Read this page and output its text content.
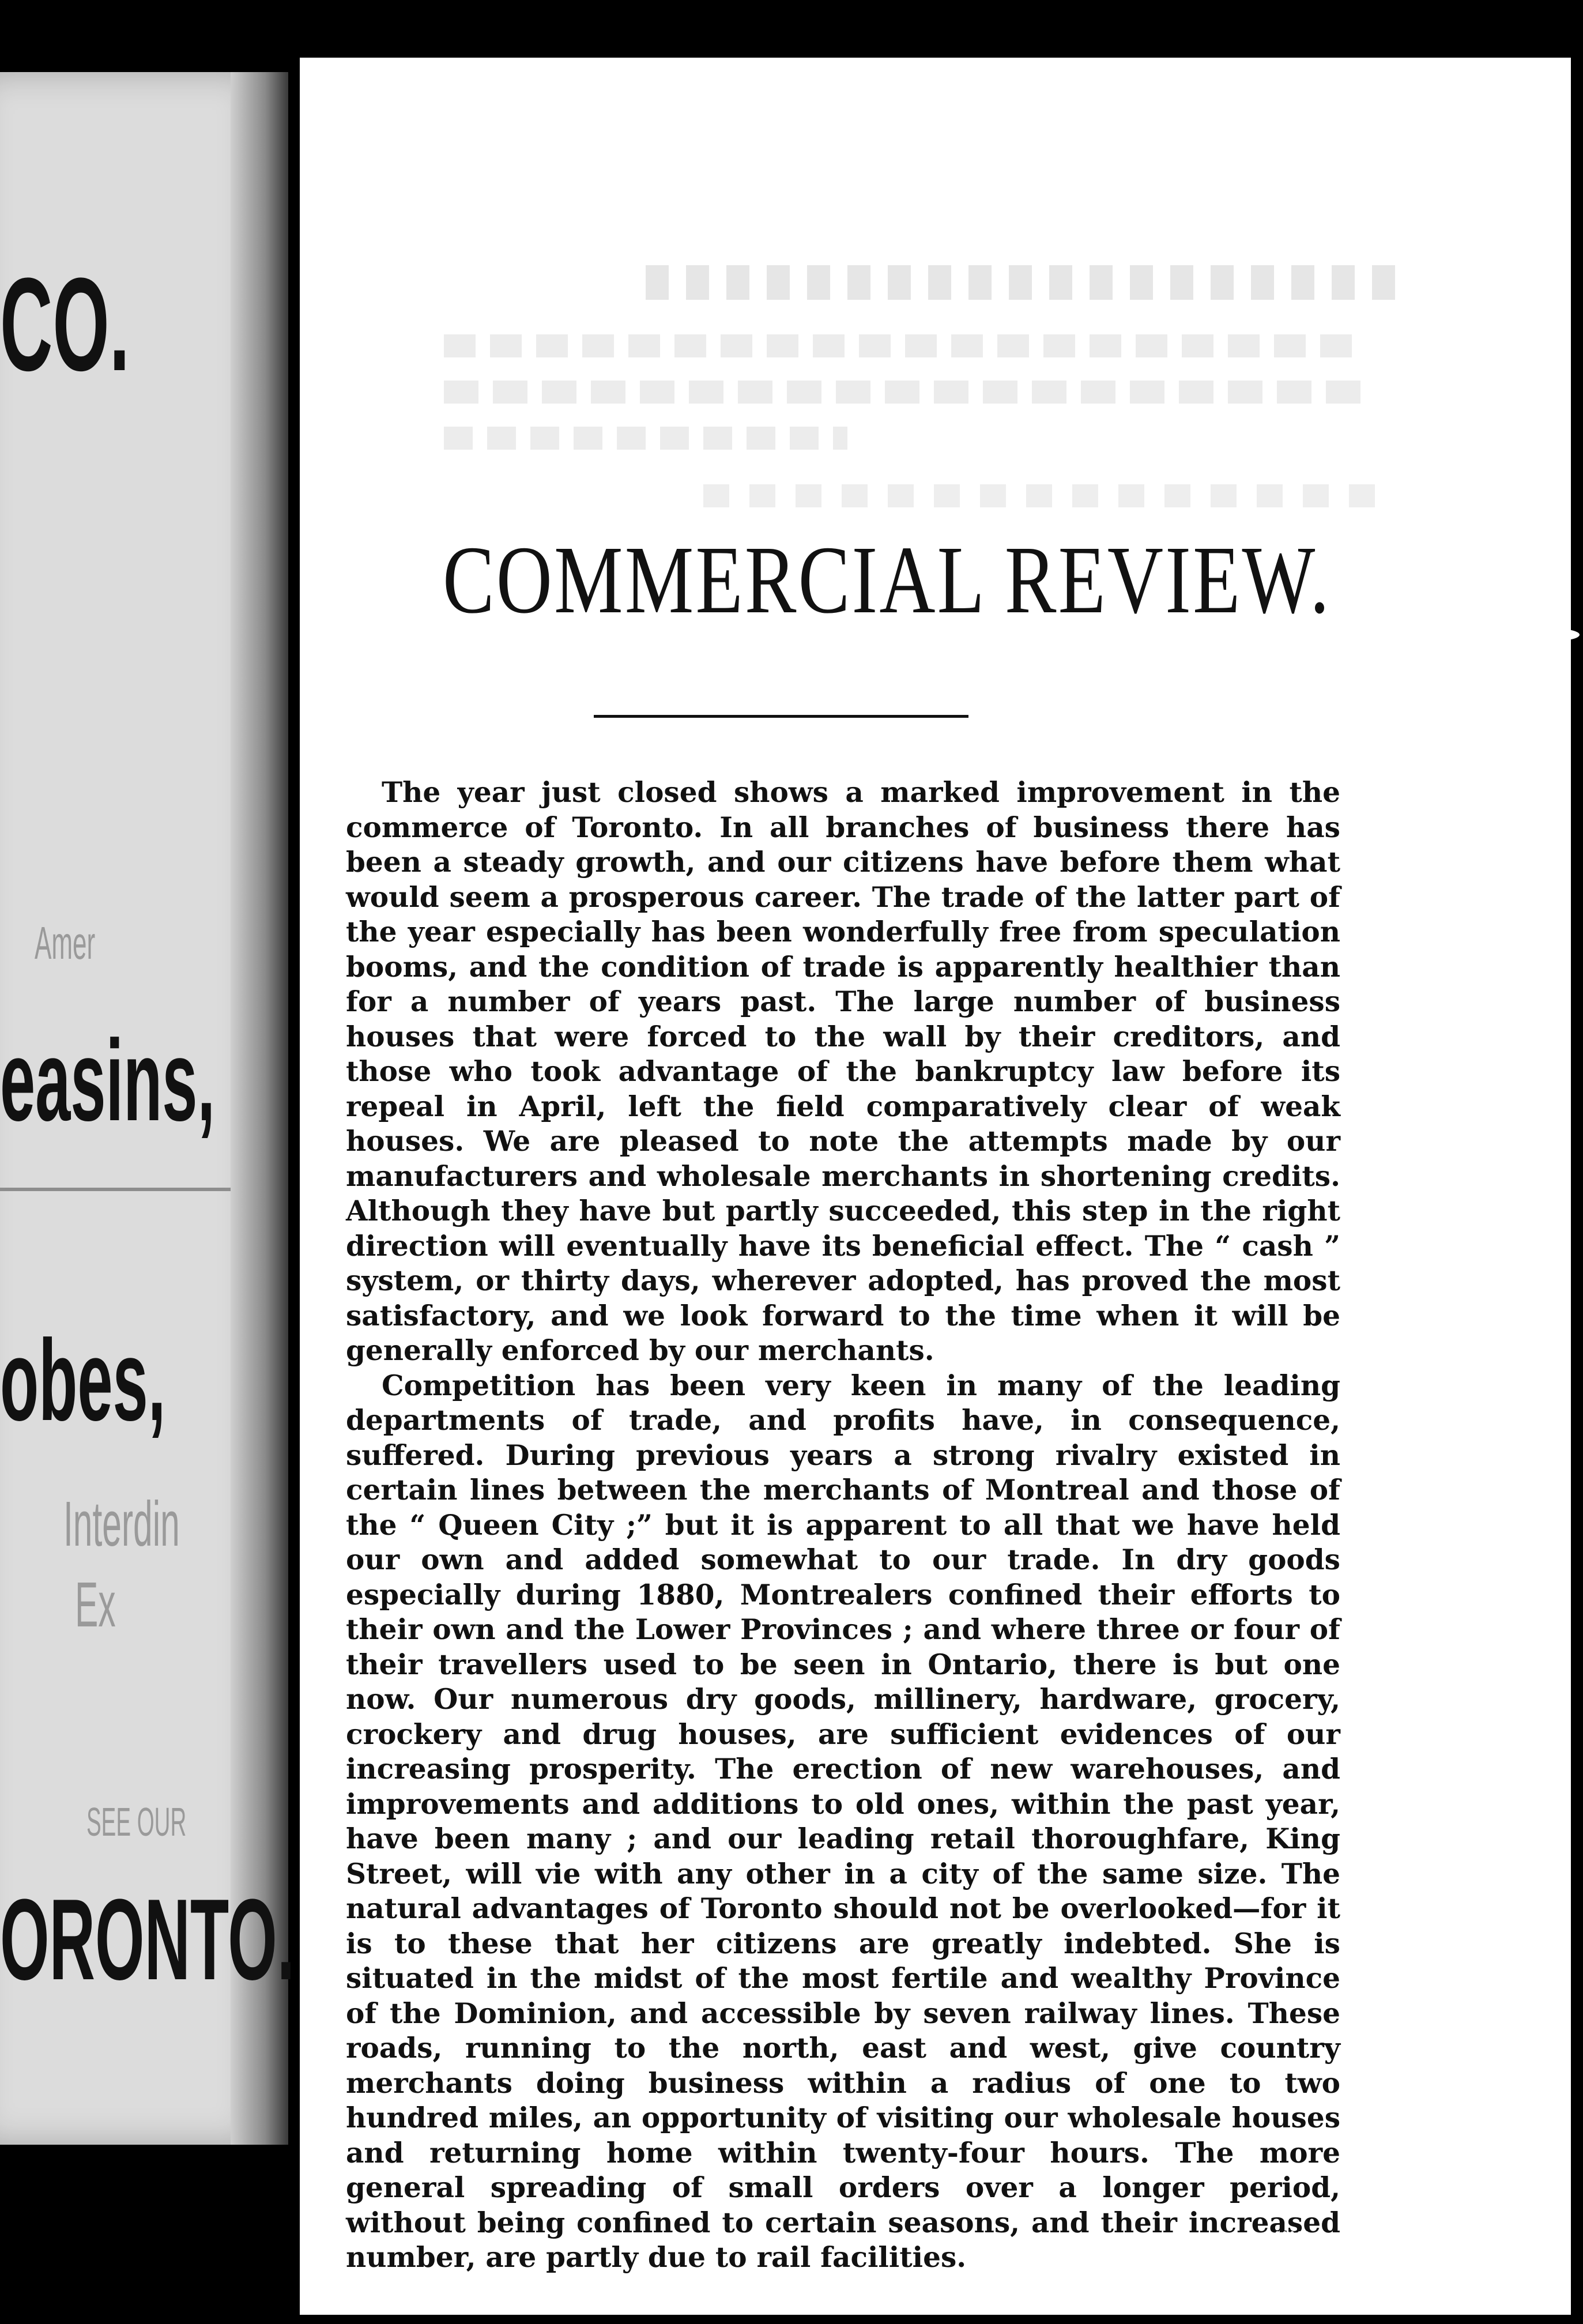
CO.
Amer
easins,
obes,
Interdin
Ex
SEE OUR
ORONTO.
COMMERCIAL REVIEW.

The year just closed shows a marked improvement in the commerce of Toronto. In all branches of business there has been a steady growth, and our citizens have before them what would seem a prosperous career. The trade of the latter part of the year especially has been wonderfully free from speculation booms, and the condition of trade is apparently healthier than for a number of years past. The large number of business houses that were forced to the wall by their creditors, and those who took advantage of the bankruptcy law before its repeal in April, left the field comparatively clear of weak houses. We are pleased to note the attempts made by our manufacturers and wholesale merchants in shortening credits. Although they have but partly succeeded, this step in the right direction will eventually have its beneficial effect. The “ cash ” system, or thirty days, wherever adopted, has proved the most satisfactory, and we look forward to the time when it will be generally enforced by our merchants.

Competition has been very keen in many of the leading departments of trade, and profits have, in consequence, suffered. During previous years a strong rivalry existed in certain lines between the merchants of Montreal and those of the “ Queen City ;” but it is apparent to all that we have held our own and added somewhat to our trade. In dry goods especially during 1880, Montrealers confined their efforts to their own and the Lower Provinces ; and where three or four of their travellers used to be seen in Ontario, there is but one now. Our numerous dry goods, millinery, hardware, grocery, crockery and drug houses, are sufficient evidences of our increasing prosperity. The erection of new warehouses, and improvements and additions to old ones, within the past year, have been many ; and our leading retail thoroughfare, King Street, will vie with any other in a city of the same size. The natural advantages of Toronto should not be overlooked—for it is to these that her citizens are greatly indebted. She is situated in the midst of the most fertile and wealthy Province of the Dominion, and accessible by seven railway lines. These roads, running to the north, east and west, give country merchants doing business within a radius of one to two hundred miles, an opportunity of visiting our wholesale houses and returning home within twenty-four hours. The more general spreading of small orders over a longer period, without being confined to certain seasons, and their increased number, are partly due to rail facilities.
